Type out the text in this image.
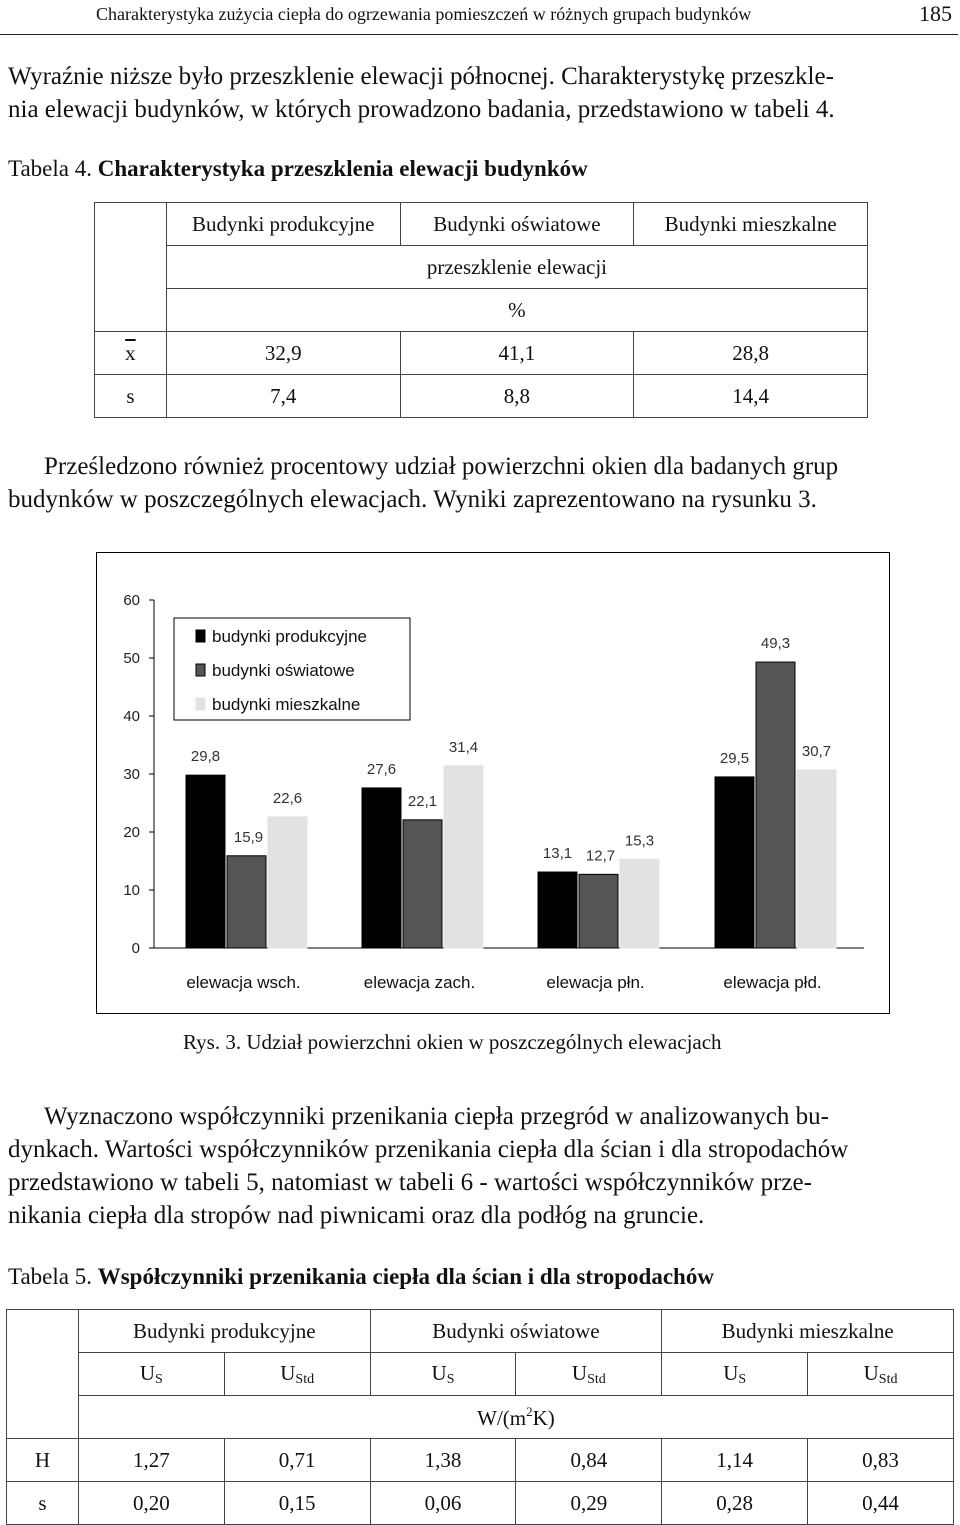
Charakterystyka zużycia ciepła do ogrzewania pomieszczeń w różnych grupach budynków	185
Wyraźnie niższe było przeszklenie elewacji północnej. Charakterystykę przeszkle-
nia elewacji budynków, w których prowadzono badania, przedstawiono w tabeli 4.
Tabela 4. Charakterystyka przeszklenia elewacji budynków
	Budynki produkcyjne	Budynki oświatowe	Budynki mieszkalne
	przeszklenie elewacji		
	%		
$\overline{x}$	32,9	41,1	28,8
s	7,4	8,8	14,4
Prześledzono również procentowy udział powierzchni okien dla badanych grup
budynków w poszczególnych elewacjach. Wyniki zaprezentowano na rysunku 3.
0
10
20
30
40
50
60
29,8
15,9
22,6
elewacja wsch.
27,6
22,1
31,4
elewacja zach.
13,1 12,7
15,3
elewacja płn.
29,5
49,3
30,7
elewacja płd.
budynki produkcyjne
budynki oświatowe
budynki mieszkalne
Rys. 3. Udział powierzchni okien w poszczególnych elewacjach
Wyznaczono współczynniki przenikania ciepła przegród w analizowanych bu-
dynkach. Wartości współczynników przenikania ciepła dla ścian i dla stropodachów
przedstawiono w tabeli 5, natomiast w tabeli 6 - wartości współczynników prze-
nikania ciepła dla stropów nad piwnicami oraz dla podłóg na gruncie.
Tabela 5. Współczynniki przenikania ciepła dla ścian i dla stropodachów
	Budynki produkcyjne		Budynki oświatowe		Budynki mieszkalne	
	$U_S$	$U_{Std}$	$U_S$	$U_{Std}$	$U_S$	$U_{Std}$
	$W/(m^2K)$					
H	1,27	0,71	1,38	0,84	1,14	0,83
s	0,20	0,15	0,06	0,29	0,28	0,44
